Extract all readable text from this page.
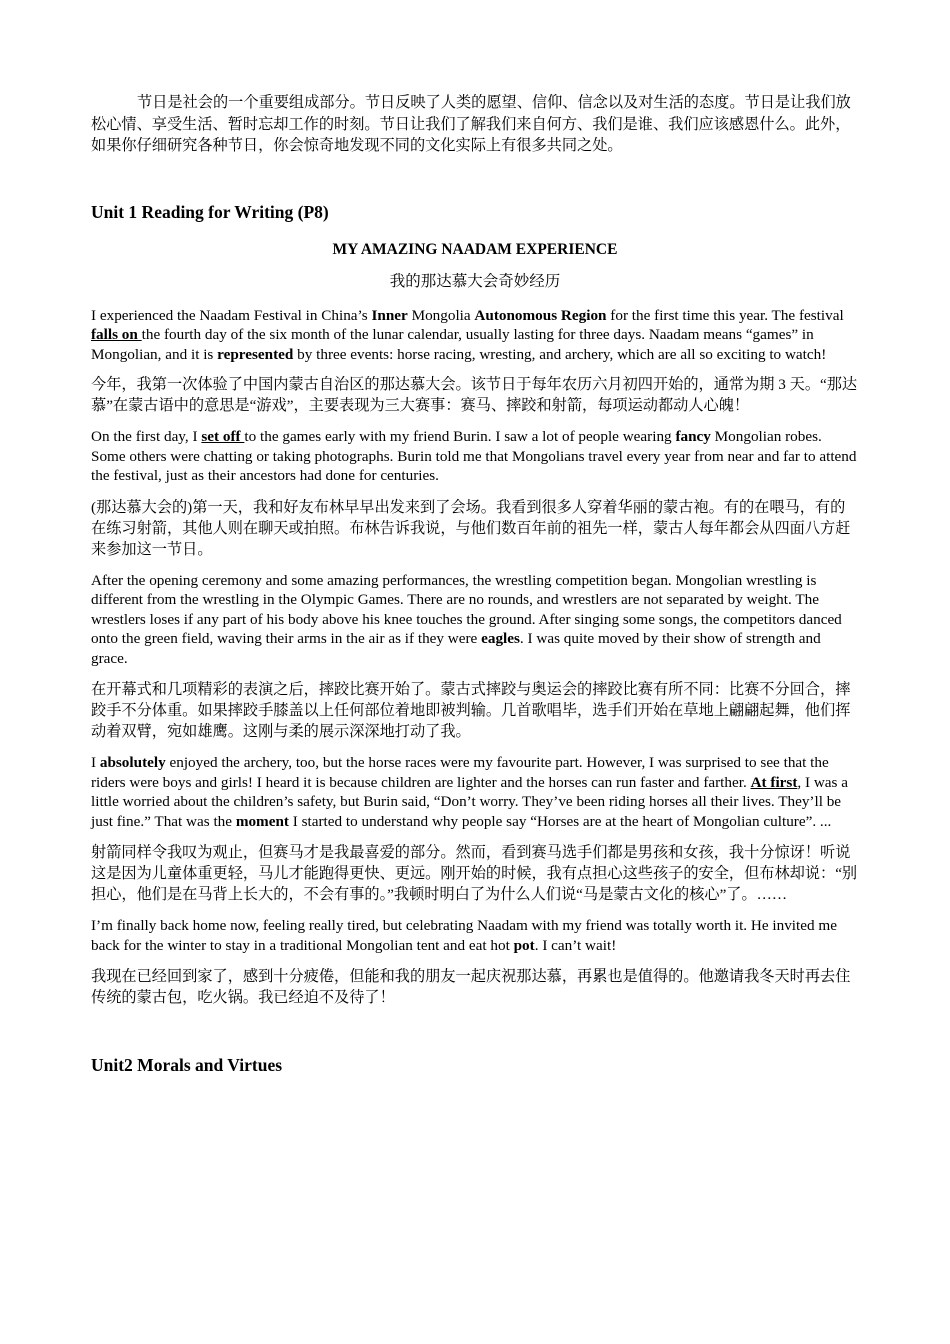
节日是社会的一个重要组成部分。节日反映了人类的愿望、信仰、信念以及对生活的态度。节日是让我们放松心情、享受生活、暂时忘却工作的时刻。节日让我们了解我们来自何方、我们是谁、我们应该感恩什么。此外，如果你仔细研究各种节日，你会惊奇地发现不同的文化实际上有很多共同之处。

Unit 1 Reading for Writing (P8)

MY AMAZING NAADAM EXPERIENCE

我的那达慕大会奇妙经历

I experienced the Naadam Festival in China’s Inner Mongolia Autonomous Region for the first time this year. The festival falls on the fourth day of the six month of the lunar calendar, usually lasting for three days. Naadam means “games” in Mongolian, and it is represented by three events: horse racing, wresting, and archery, which are all so exciting to watch!

今年，我第一次体验了中国内蒙古自治区的那达慕大会。该节日于每年农历六月初四开始的，通常为期 3 天。“那达慕”在蒙古语中的意思是“游戏”，主要表现为三大赛事：赛马、摔跤和射箭，每项运动都动人心魄！

On the first day, I set off to the games early with my friend Burin. I saw a lot of people wearing fancy Mongolian robes. Some others were chatting or taking photographs. Burin told me that Mongolians travel every year from near and far to attend the festival, just as their ancestors had done for centuries.

(那达慕大会的)第一天，我和好友布林早早出发来到了会场。我看到很多人穿着华丽的蒙古袍。有的在喂马，有的在练习射箭，其他人则在聊天或拍照。布林告诉我说，与他们数百年前的祖先一样，蒙古人每年都会从四面八方赶来参加这一节日。

After the opening ceremony and some amazing performances, the wrestling competition began. Mongolian wrestling is different from the wrestling in the Olympic Games. There are no rounds, and wrestlers are not separated by weight. The wrestlers loses if any part of his body above his knee touches the ground. After singing some songs, the competitors danced onto the green field, waving their arms in the air as if they were eagles. I was quite moved by their show of strength and grace.

在开幕式和几项精彩的表演之后，摔跤比赛开始了。蒙古式摔跤与奥运会的摔跤比赛有所不同：比赛不分回合，摔跤手不分体重。如果摔跤手膝盖以上任何部位着地即被判输。几首歌唱毕，选手们开始在草地上翩翩起舞，他们挥动着双臂，宛如雄鹰。这刚与柔的展示深深地打动了我。

I absolutely enjoyed the archery, too, but the horse races were my favourite part. However, I was surprised to see that the riders were boys and girls! I heard it is because children are lighter and the horses can run faster and farther. At first, I was a little worried about the children’s safety, but Burin said, “Don’t worry. They’ve been riding horses all their lives. They’ll be just fine.” That was the moment I started to understand why people say “Horses are at the heart of Mongolian culture”. ...

射箭同样令我叹为观止，但赛马才是我最喜爱的部分。然而，看到赛马选手们都是男孩和女孩，我十分惊讶！听说这是因为儿童体重更轻，马儿才能跑得更快、更远。刚开始的时候，我有点担心这些孩子的安全，但布林却说：“别担心，他们是在马背上长大的，不会有事的。”我顿时明白了为什么人们说“马是蒙古文化的核心”了。……

I’m finally back home now, feeling really tired, but celebrating Naadam with my friend was totally worth it. He invited me back for the winter to stay in a traditional Mongolian tent and eat hot pot. I can’t wait!

我现在已经回到家了，感到十分疲倦，但能和我的朋友一起庆祝那达慕，再累也是值得的。他邀请我冬天时再去住传统的蒙古包，吃火锅。我已经迫不及待了！

Unit2 Morals and Virtues
